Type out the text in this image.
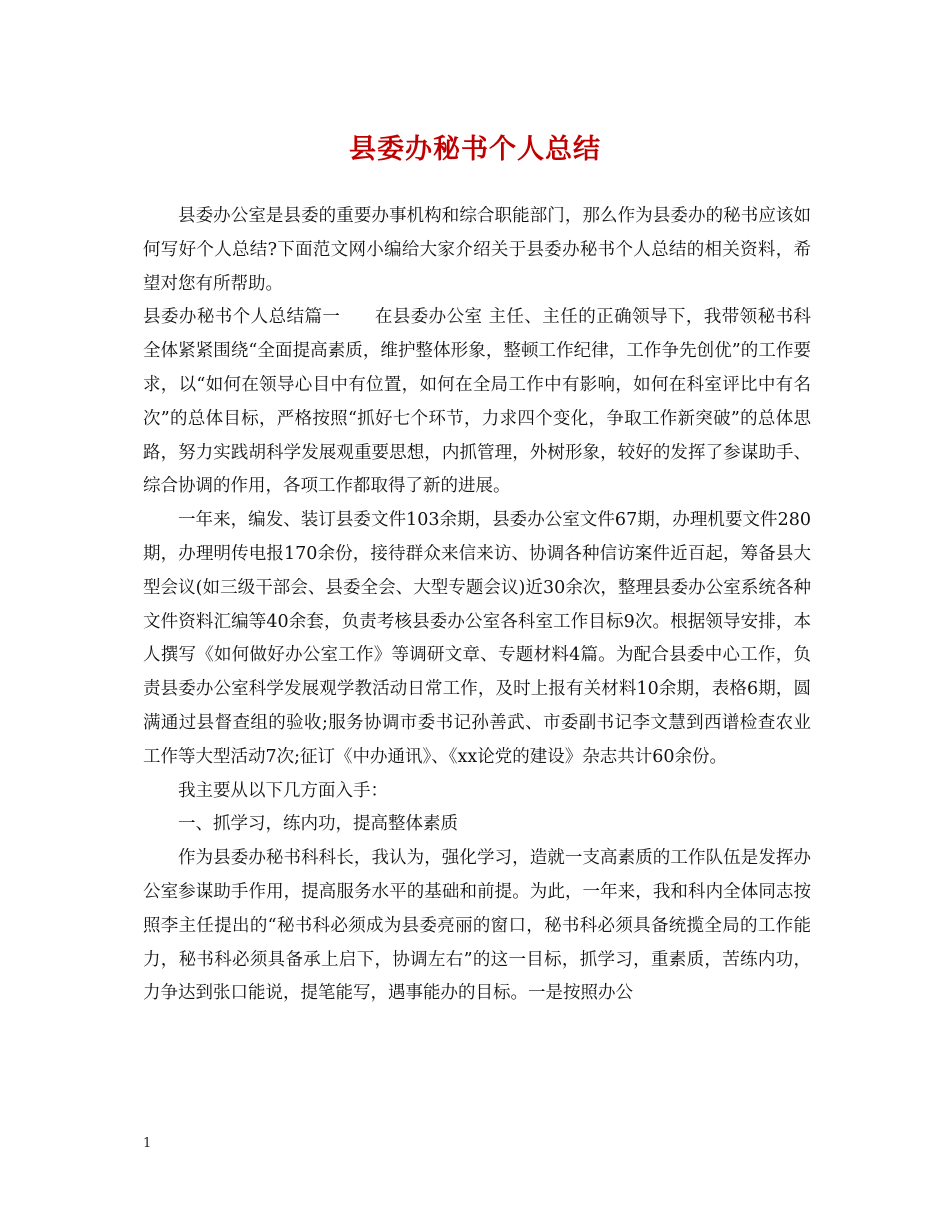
县委办秘书个人总结

县委办公室是县委的重要办事机构和综合职能部门，那么作为县委办的秘书应该如何写好个人总结?下面范文网小编给大家介绍关于县委办秘书个人总结的相关资料，希望对您有所帮助。

县委办秘书个人总结篇一 在县委办公室 主任、主任的正确领导下，我带领秘书科全体紧紧围绕“全面提高素质，维护整体形象，整顿工作纪律，工作争先创优”的工作要求，以“如何在领导心目中有位置，如何在全局工作中有影响，如何在科室评比中有名次”的总体目标，严格按照“抓好七个环节，力求四个变化，争取工作新突破”的总体思路，努力实践胡科学发展观重要思想，内抓管理，外树形象，较好的发挥了参谋助手、综合协调的作用，各项工作都取得了新的进展。

一年来，编发、装订县委文件103余期，县委办公室文件67期，办理机要文件280期，办理明传电报170余份，接待群众来信来访、协调各种信访案件近百起，筹备县大型会议(如三级干部会、县委全会、大型专题会议)近30余次，整理县委办公室系统各种文件资料汇编等40余套，负责考核县委办公室各科室工作目标9次。根据领导安排，本人撰写《如何做好办公室工作》等调研文章、专题材料4篇。为配合县委中心工作，负责县委办公室科学发展观学教活动日常工作，及时上报有关材料10余期，表格6期，圆满通过县督查组的验收;服务协调市委书记孙善武、市委副书记李文慧到西谱检查农业工作等大型活动7次;征订《中办通讯》、《xx论党的建设》杂志共计60余份。

我主要从以下几方面入手：

一、抓学习，练内功，提高整体素质

作为县委办秘书科科长，我认为，强化学习，造就一支高素质的工作队伍是发挥办公室参谋助手作用，提高服务水平的基础和前提。为此，一年来，我和科内全体同志按照李主任提出的“秘书科必须成为县委亮丽的窗口，秘书科必须具备统揽全局的工作能力，秘书科必须具备承上启下，协调左右”的这一目标，抓学习，重素质，苦练内功，力争达到张口能说，提笔能写，遇事能办的目标。一是按照办公

1
